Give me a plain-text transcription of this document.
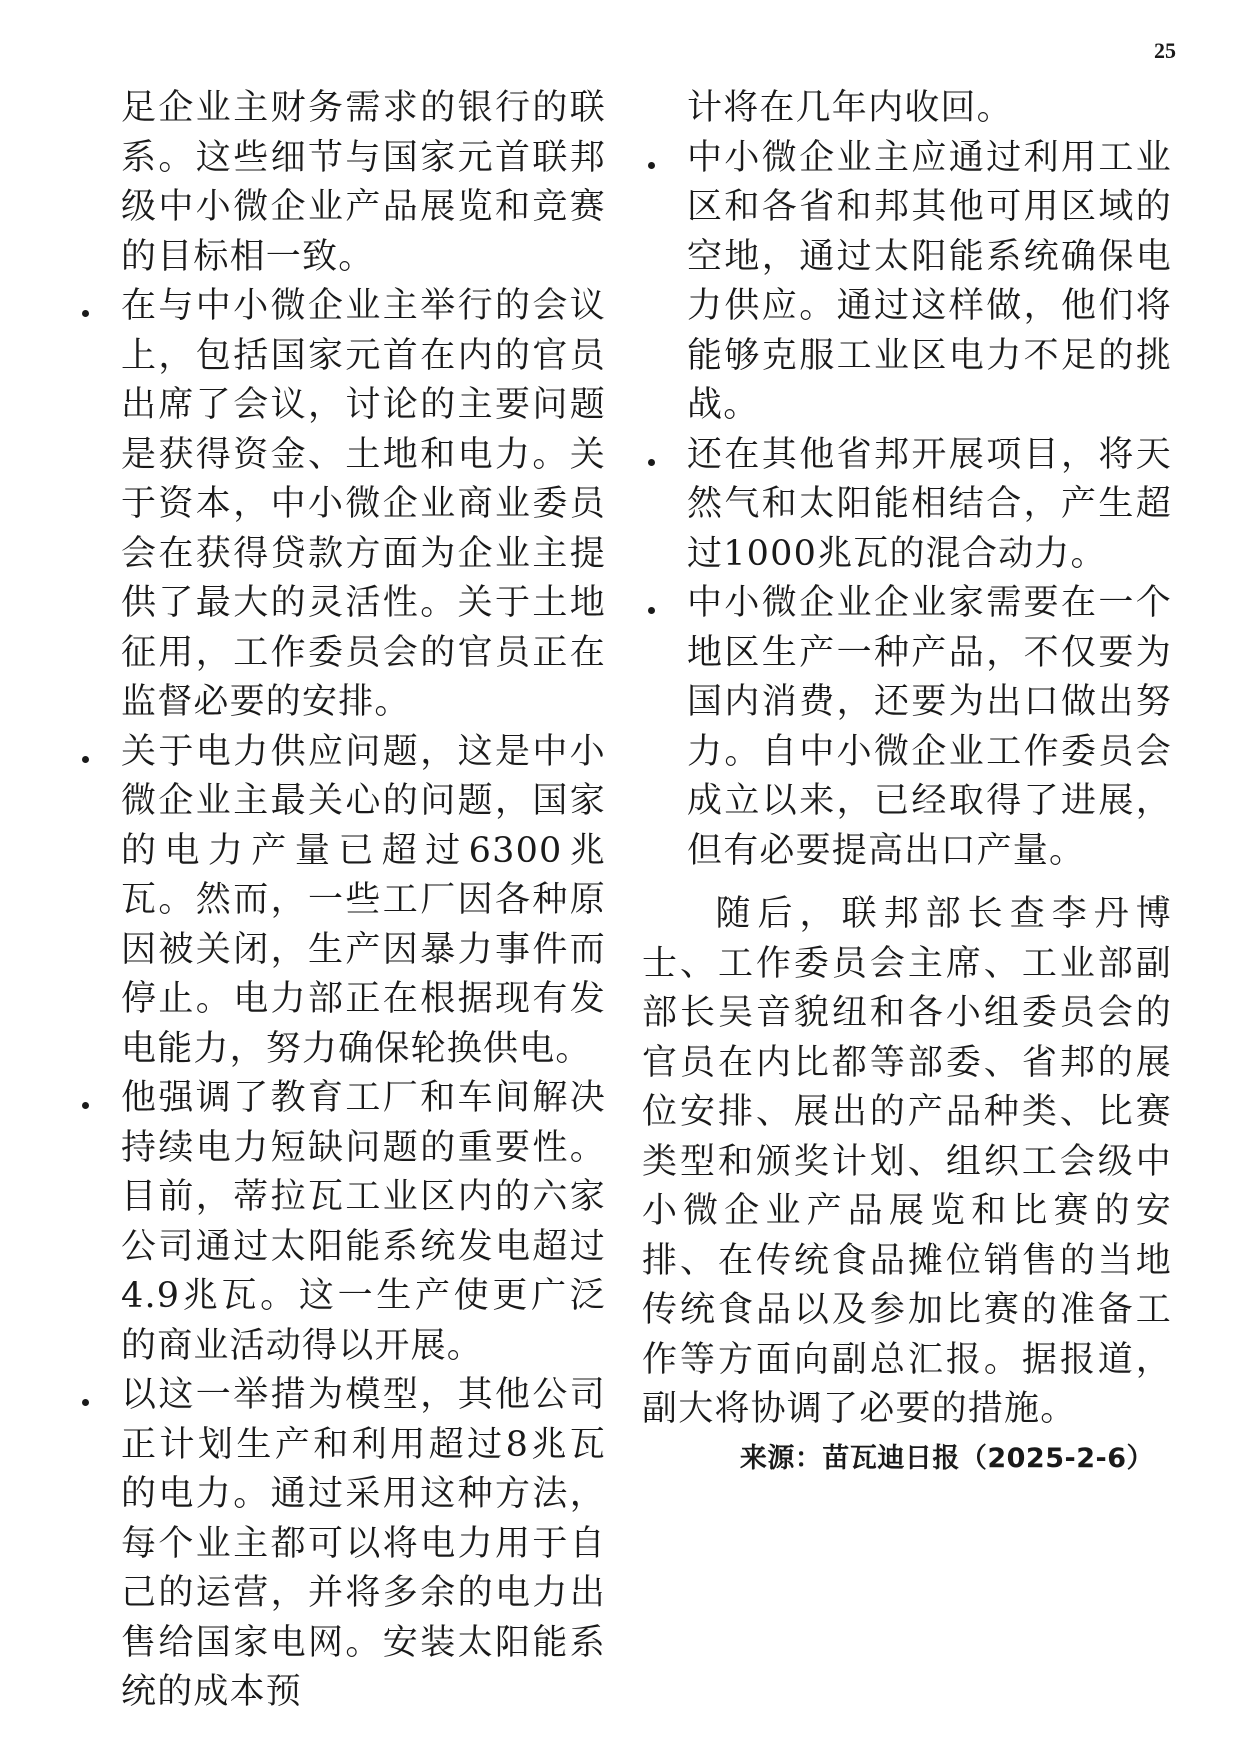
25

足企业主财务需求的银行的联系。这些细节与国家元首联邦级中小微企业产品展览和竞赛的目标相一致。

在与中小微企业主举行的会议上，包括国家元首在内的官员出席了会议，讨论的主要问题是获得资金、土地和电力。关于资本，中小微企业商业委员会在获得贷款方面为企业主提供了最大的灵活性。关于土地征用，工作委员会的官员正在监督必要的安排。
关于电力供应问题，这是中小微企业主最关心的问题，国家的电力产量已超过6300兆瓦。然而，一些工厂因各种原因被关闭，生产因暴力事件而停止。电力部正在根据现有发电能力，努力确保轮换供电。
他强调了教育工厂和车间解决持续电力短缺问题的重要性。目前，蒂拉瓦工业区内的六家公司通过太阳能系统发电超过4.9兆瓦。这一生产使更广泛的商业活动得以开展。
以这一举措为模型，其他公司正计划生产和利用超过8兆瓦的电力。通过采用这种方法，每个业主都可以将电力用于自己的运营，并将多余的电力出售给国家电网。安装太阳能系统的成本预

计将在几年内收回。

中小微企业主应通过利用工业区和各省和邦其他可用区域的空地，通过太阳能系统确保电力供应。通过这样做，他们将能够克服工业区电力不足的挑战。
还在其他省邦开展项目，将天然气和太阳能相结合，产生超过1000兆瓦的混合动力。
中小微企业企业家需要在一个地区生产一种产品，不仅要为国内消费，还要为出口做出努力。自中小微企业工作委员会成立以来，已经取得了进展，但有必要提高出口产量。

随后，联邦部长查李丹博士、工作委员会主席、工业部副部长吴音貌纽和各小组委员会的官员在内比都等部委、省邦的展位安排、展出的产品种类、比赛类型和颁奖计划、组织工会级中小微企业产品展览和比赛的安排、在传统食品摊位销售的当地传统食品以及参加比赛的准备工作等方面向副总汇报。据报道，副大将协调了必要的措施。

来源：苗瓦迪日报（2025-2-6）
